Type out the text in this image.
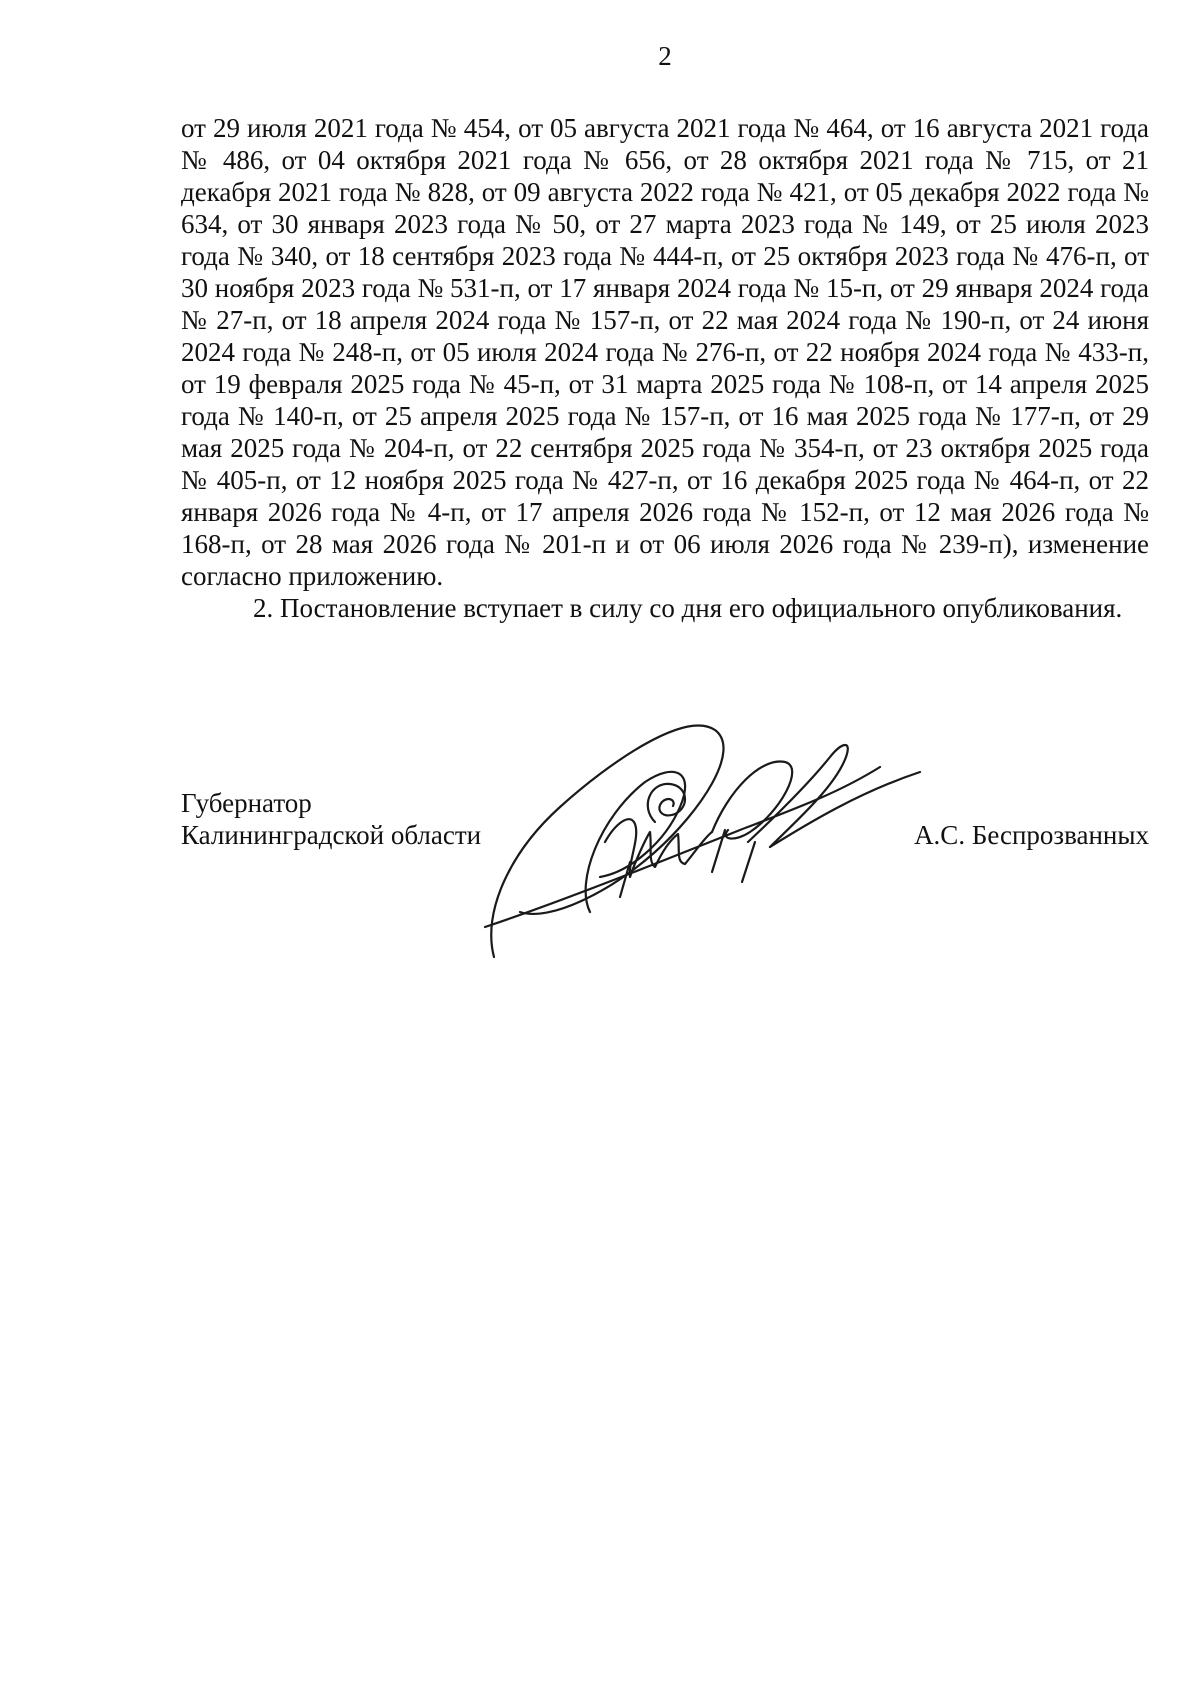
2

от 29 июля 2021 года № 454, от 05 августа 2021 года № 464, от 16 августа 2021 года № 486, от 04 октября 2021 года № 656, от 28 октября 2021 года № 715, от 21 декабря 2021 года № 828, от 09 августа 2022 года № 421, от 05 декабря 2022 года № 634, от 30 января 2023 года № 50, от 27 марта 2023 года № 149, от 25 июля 2023 года № 340, от 18 сентября 2023 года № 444-п, от 25 октября 2023 года № 476-п, от 30 ноября 2023 года № 531-п, от 17 января 2024 года № 15-п, от 29 января 2024 года № 27-п, от 18 апреля 2024 года № 157-п, от 22 мая 2024 года № 190-п, от 24 июня 2024 года № 248-п, от 05 июля 2024 года № 276-п, от 22 ноября 2024 года № 433-п, от 19 февраля 2025 года № 45-п, от 31 марта 2025 года № 108-п, от 14 апреля 2025 года № 140-п, от 25 апреля 2025 года № 157-п, от 16 мая 2025 года № 177-п, от 29 мая 2025 года № 204-п, от 22 сентября 2025 года № 354-п, от 23 октября 2025 года № 405-п, от 12 ноября 2025 года № 427-п, от 16 декабря 2025 года № 464-п, от 22 января 2026 года № 4-п, от 17 апреля 2026 года № 152-п, от 12 мая 2026 года № 168-п, от 28 мая 2026 года № 201-п и от 06 июля 2026 года № 239-п), изменение согласно приложению.

2. Постановление вступает в силу со дня его официального опубликования.

Губернатор
Калининградской области	А.С. Беспрозванных
